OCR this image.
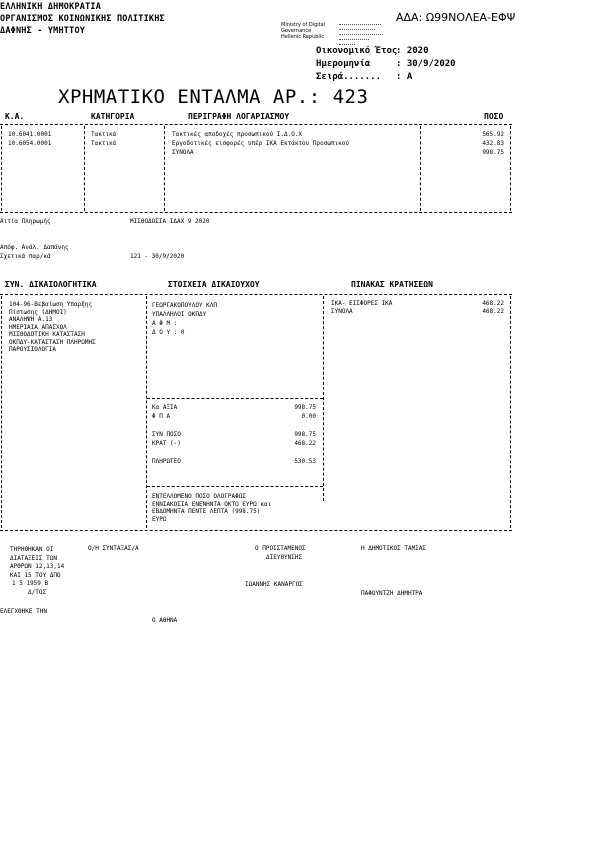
ΕΛΛΗΝΙΚΗ ΔΗΜΟΚΡΑΤΙΑ
ΟΡΓΑΝΙΣΜΟΣ ΚΟΙΝΩΝΙΚΗΣ ΠΟΛΙΤΙΚΗΣ
ΔΑΦΝΗΣ - ΥΜΗΤΤΟΥ
Ministry of Digital
Governance
Hellenic Republic
ΑΔΑ: Ω99ΝΟΛΕΑ-ΕΦΨ
Οικονομικό Έτος
: 2020
Ημερομηνία	: 30/9/2020
Σειρά....... : Α
ΧΡΗΜΑΤΙΚΟ ΕΝΤΑΛΜΑ ΑΡ.: 423
Κ.Α.	ΚΑΤΗΓΟΡΙΑ	ΠΕΡΙΓΡΑΦΗ ΛΟΓΑΡΙΑΣΜΟΥ	ΠΟΣΟ
10.6041.0001	Τακτικά	Τακτικές αποδοχές προσωπικού Ι.Δ.Ο.Χ	565.92
10.6054.0001	Τακτικά	Εργοδοτικές εισφορές υπέρ ΙΚΑ Εκτάκτου Προσωπικού	432.83
ΣΥΝΟΛΑ	998.75
Αιτία Πληρωμής	ΜΙΣΘΟΔΟΣΙΑ ΙΔΑΧ 9 2020
Απόφ. Ανάλ. Δαπάνης
Σχετικά παρ/κά	121 - 30/9/2020
ΣΥΝ. ΔΙΚΑΙΟΛΟΓΗΤΙΚΑ	ΣΤΟΙΧΕΙΑ ΔΙΚΑΙΟΥΧΟΥ	ΠΙΝΑΚΑΣ ΚΡΑΤΗΣΕΩΝ
104-96-Βεβαίωση Υπαρξης
Πίστωσης (ΔΗΜΟΙ)
ΑΝΑΛΗΨΗ Α.13
ΗΜΕΡΙΑΙΑ ΑΠΑΣΧΟΛ
ΜΙΣΘΟΔΟΤΙΚΗ ΚΑΤΑΣΤΑΣΗ
ΟΚΠΔΥ-ΚΑΤΑΣΤΑΣΗ ΠΛΗΡΩΜΗΣ
ΠΑΡΟΥΣΙΟΛΟΓΙΑ
ΓΕΩΡΓΑΚΟΠΟΥΛΟΥ ΚΛΠ
ΥΠΑΛΛΗΛΟΙ ΟΚΠΔΥ
Α Φ Μ :
Δ Ο Υ : 0
ΙΚΑ- ΕΙΣΦΟΡΕΣ ΙΚΑ	468.22
ΣΥΝΟΛΑ	468.22
Κα ΑΞΙΑ	998.75
Φ Π Α	0.00
ΣΥΝ ΠΟΣΟ	998.75
ΚΡΑΤ (-)	468.22
ΠΛΗΡΩΤΕΟ	530.53
ΕΝΤΕΛΛΟΜΕΝΟ ΠΟΣΟ ΟΛΟΓΡΑΦΩΣ
ΕΝΝΙΑΚΟΣΙΑ ΕΝΕΝΗΝΤΑ ΟΚΤΩ ΕΥΡΩ και
ΕΒΔΟΜΗΝΤΑ ΠΕΝΤΕ ΛΕΠΤΑ (998.75)
ΕΥΡΩ
ΤΗΡΗΘΗΚΑΝ ΟΙ
ΔΙΑΤΑΞΕΙΣ ΤΩΝ
ΑΡΘΡΩΝ 12,13,14
ΚΑΙ 15 ΤΟΥ ΔΠΟ
1 5 1959 Β
Δ/ΤΟΣ
Ο/Η ΣΥΝΤΑΞΑΣ/Α	Ο ΠΡΟΙΣΤΑΜΕΝΟΣ
ΔΙΕΥΘΥΝΣΗΣ
ΙΩΑΝΝΗΣ ΚΑΝΑΡΓΟΣ
Η ΔΗΜΟΤΙΚΟΣ ΤΑΜΙΑΣ
ΠΑΦΟΥΝΤΖΗ ΔΗΜΗΤΡΑ
ΕΛΕΓΧΘΗΚΕ ΤΗΝ
Ο ΑΘΗΝΑ
